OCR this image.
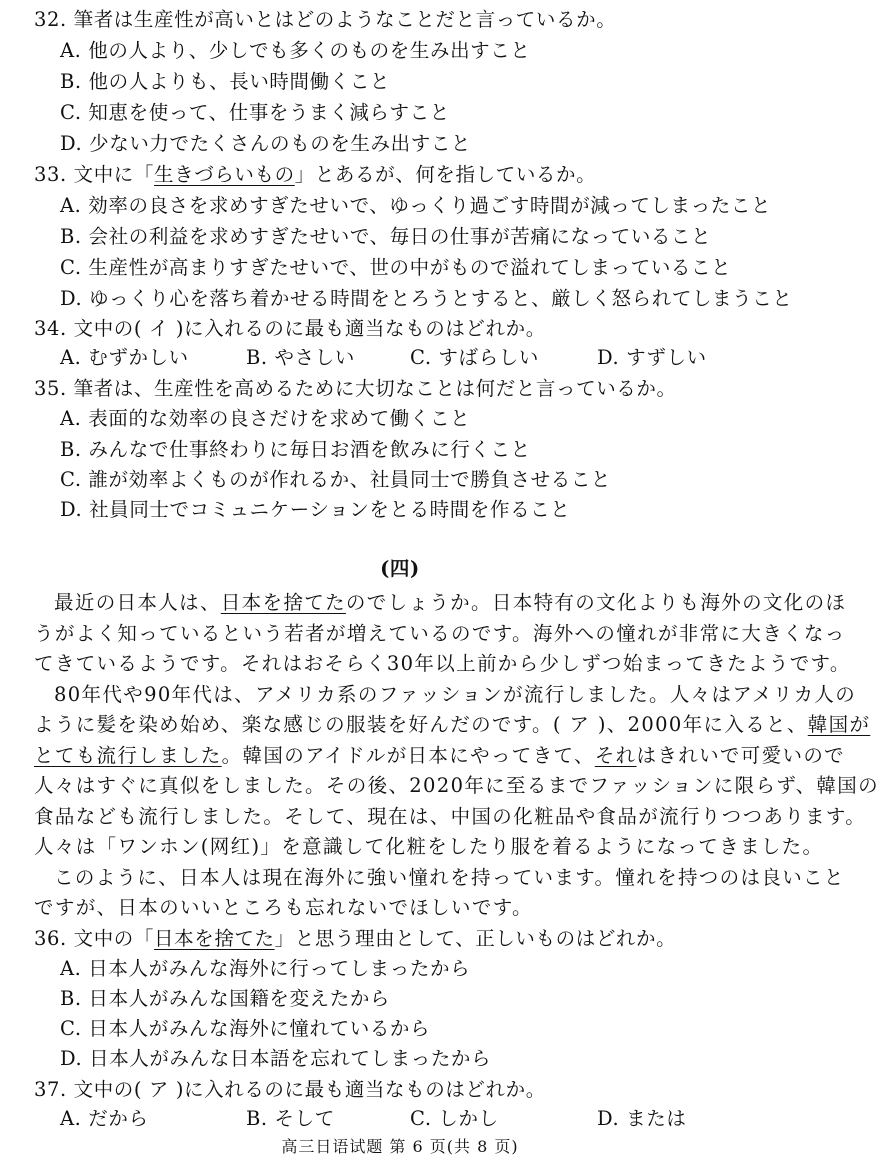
32. 筆者は生産性が高いとはどのようなことだと言っているか。
A. 他の人より、少しでも多くのものを生み出すこと
B. 他の人よりも、長い時間働くこと
C. 知恵を使って、仕事をうまく減らすこと
D. 少ない力でたくさんのものを生み出すこと
33. 文中に「生きづらいもの」とあるが、何を指しているか。
A. 効率の良さを求めすぎたせいで、ゆっくり過ごす時間が減ってしまったこと
B. 会社の利益を求めすぎたせいで、毎日の仕事が苦痛になっていること
C. 生産性が高まりすぎたせいで、世の中がもので溢れてしまっていること
D. ゆっくり心を落ち着かせる時間をとろうとすると、厳しく怒られてしまうこと
34. 文中の( イ )に入れるのに最も適当なものはどれか。
A. むずかしい	B. やさしい	C. すばらしい	D. すずしい
35. 筆者は、生産性を高めるために大切なことは何だと言っているか。
A. 表面的な効率の良さだけを求めて働くこと
B. みんなで仕事終わりに毎日お酒を飲みに行くこと
C. 誰が効率よくものが作れるか、社員同士で勝負させること
D. 社員同士でコミュニケーションをとる時間を作ること
(四)
最近の日本人は、日本を捨てたのでしょうか。日本特有の文化よりも海外の文化のほ
うがよく知っているという若者が増えているのです。海外への憧れが非常に大きくなっ
てきているようです。それはおそらく30年以上前から少しずつ始まってきたようです。
80年代や90年代は、アメリカ系のファッションが流行しました。人々はアメリカ人の
ように髪を染め始め、楽な感じの服装を好んだのです。( ア )、2000年に入ると、韓国が
とても流行しました。韓国のアイドルが日本にやってきて、それはきれいで可愛いので
人々はすぐに真似をしました。その後、2020年に至るまでファッションに限らず、韓国の
食品なども流行しました。そして、現在は、中国の化粧品や食品が流行りつつあります。
人々は「ワンホン(网红)」を意識して化粧をしたり服を着るようになってきました。
このように、日本人は現在海外に強い憧れを持っています。憧れを持つのは良いこと
ですが、日本のいいところも忘れないでほしいです。
36. 文中の「日本を捨てた」と思う理由として、正しいものはどれか。
A. 日本人がみんな海外に行ってしまったから
B. 日本人がみんな国籍を変えたから
C. 日本人がみんな海外に憧れているから
D. 日本人がみんな日本語を忘れてしまったから
37. 文中の( ア )に入れるのに最も適当なものはどれか。
A. だから	B. そして	C. しかし	D. または
高三日语试题 第 6 页(共 8 页)
